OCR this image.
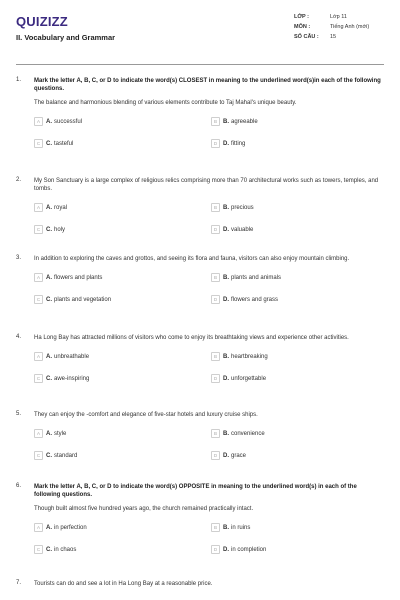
QUIZIZZ
II. Vocabulary and Grammar
LỚP :	Lớp 11
MÔN :	Tiếng Anh (mới)
SỐ CÂU :	15
1. Mark the letter A, B, C, or D to indicate the word(s) CLOSEST in meaning to the underlined word(s)in each of the following questions.
The balance and harmonious blending of various elements contribute to Taj Mahal's unique beauty.
A	A. successful	B	B. agreeable
C C. tasteful	D D. fitting
2. My Son Sanctuary is a large complex of religious relics comprising more than 70 architectural works such as towers, temples, and tombs.
A	A. royal	B	B. precious
C C. holy	D D. valuable
3. In addition to exploring the caves and grottos, and seeing its flora and fauna, visitors can also enjoy mountain climbing.
A	A. flowers and plants	B	B. plants and animals
C C. plants and vegetation	D D. flowers and grass
4. Ha Long Bay has attracted millions of visitors who come to enjoy its breathtaking views and experience other activities.
A	A. unbreathable	B	B. heartbreaking
C C. awe-inspiring	D D. unforgettable
5. They can enjoy the -comfort and elegance of five-star hotels and luxury cruise ships.
A	A. style	B	B. convenience
C C. standard	D D. grace
6. Mark the letter A, B, C, or D to indicate the word(s) OPPOSITE in meaning to the underlined word(s) in each of the following questions.
Though built almost five hundred years ago, the church remained practically intact.
A	A. in perfection	B	B. in ruins
C C. in chaos	D D. in completion
7. Tourists can do and see a lot in Ha Long Bay at a reasonable price.
